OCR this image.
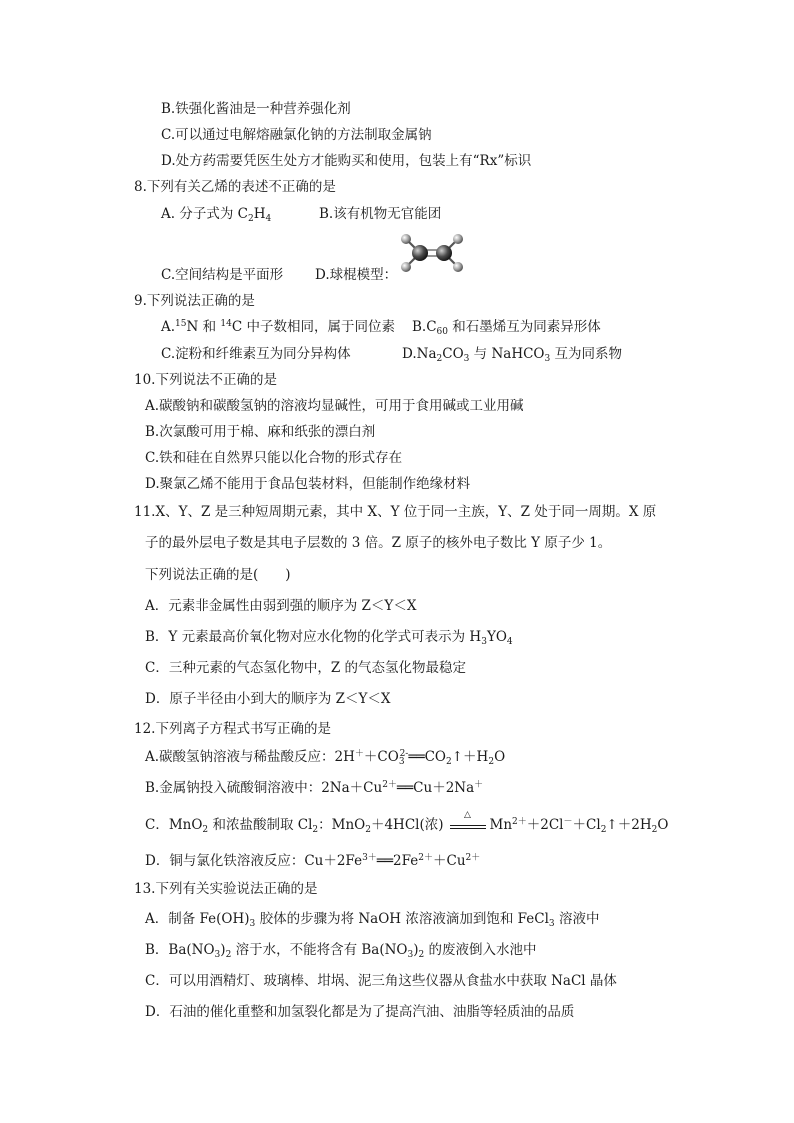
B.铁强化酱油是一种营养强化剂
C.可以通过电解熔融氯化钠的方法制取金属钠
D.处方药需要凭医生处方才能购买和使用，包装上有“Rx”标识
8.下列有关乙烯的表述不正确的是
A. 分子式为 $C_2H_4$	B.该有机物无官能团
C.空间结构是平面形 D.球棍模型：
9.下列说法正确的是
A.$^{15}$N 和 $^{14}$C 中子数相同，属于同位素 $B.C_{60}$ 和石墨烯互为同素异形体
C.淀粉和纤维素互为同分异构体	$D.Na_2CO_3$ 与 NaHCO$_3$ 互为同系物
10.下列说法不正确的是
A.碳酸钠和碳酸氢钠的溶液均显碱性，可用于食用碱或工业用碱
B.次氯酸可用于棉、麻和纸张的漂白剂
C.铁和硅在自然界只能以化合物的形式存在
D.聚氯乙烯不能用于食品包装材料，但能制作绝缘材料
11.X、Y、Z 是三种短周期元素，其中 X、Y 位于同一主族，Y、Z 处于同一周期。X 原
子的最外层电子数是其电子层数的 3 倍。Z 原子的核外电子数比 Y 原子少 1。
下列说法正确的是(　　)
A．元素非金属性由弱到强的顺序为 Z＜Y＜X
B．Y 元素最高价氧化物对应水化物的化学式可表示为 $H_3YO_4$
C．三种元素的气态氢化物中，Z 的气态氢化物最稳定
D．原子半径由小到大的顺序为 Z＜Y＜X
12.下列离子方程式书写正确的是
A.碳酸氢钠溶液与稀盐酸反应：$2H^++CO_3^{2-}══CO_2↑+H_2O$
B.金属钠投入硫酸铜溶液中：$2Na+Cu^{2+}══Cu+2Na^+$
C．MnO$_2$ 和浓盐酸制取 $Cl_2$：MnO$_2$＋4HCl(浓)
△
$Mn^{2+}+2Cl^-+Cl_2↑+2H_2O$
D．铜与氯化铁溶液反应：$Cu+2Fe^{3+}══2Fe^{2+}+Cu^{2+}$
13.下列有关实验说法正确的是
A．制备 $Fe(OH)_3$ 胶体的步骤为将 NaOH 浓溶液滴加到饱和 FeCl$_3$ 溶液中
B．$Ba(NO_3)_2$ 溶于水，不能将含有 $Ba(NO_3)_2$ 的废液倒入水池中
C．可以用酒精灯、玻璃棒、坩埚、泥三角这些仪器从食盐水中获取 NaCl 晶体
D．石油的催化重整和加氢裂化都是为了提高汽油、油脂等轻质油的品质
